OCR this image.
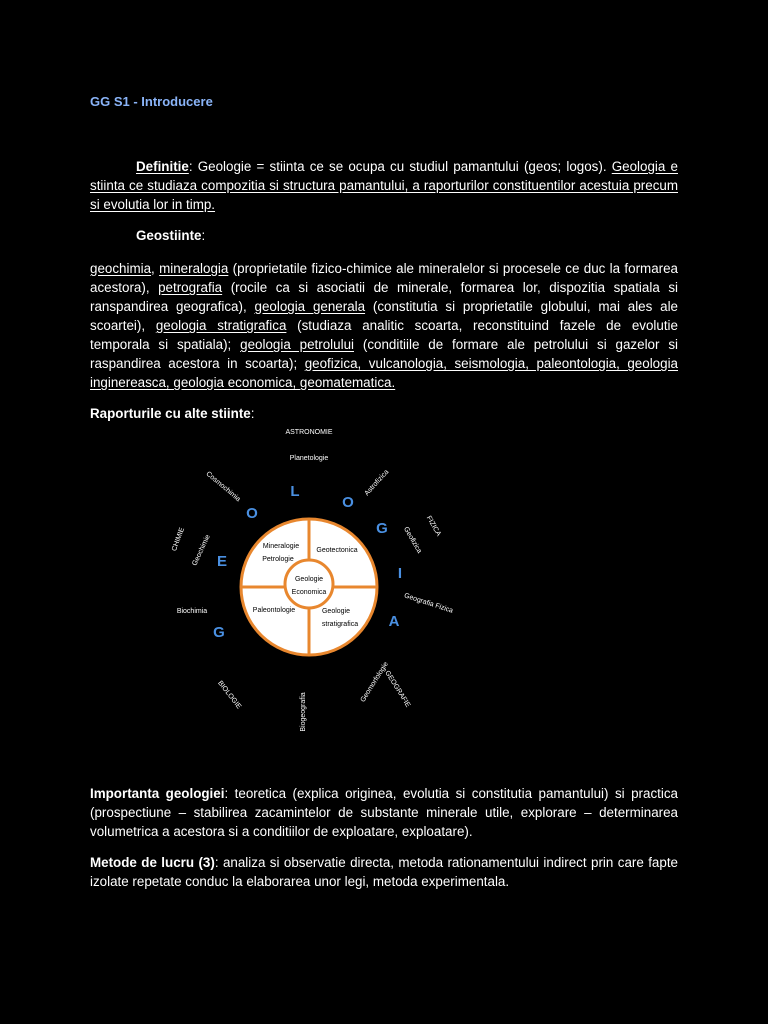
GG S1 - Introducere

Definitie: Geologie = stiinta ce se ocupa cu studiul pamantului (geos; logos). Geologia e stiinta ce studiaza compozitia si structura pamantului, a raporturilor constituentilor acestuia precum si evolutia lor in timp.

Geostiinte:

geochimia, mineralogia (proprietatile fizico-chimice ale mineralelor si procesele ce duc la formarea acestora), petrografia (rocile ca si asociatii de minerale, formarea lor, dispozitia spatiala si ranspandirea geografica), geologia generala (constitutia si proprietatile globului, mai ales ale scoartei), geologia stratigrafica (studiaza analitic scoarta, reconstituind fazele de evolutie temporala si spatiala); geologia petrolului (conditiile de formare ale petrolului si gazelor si raspandirea acestora in scoarta); geofizica, vulcanologia, seismologia, paleontologia, geologia inginereasca, geologia economica, geomatematica.

Raporturile cu alte stiinte:

ASTRONOMIE
Planetologie
Cosmochimia	Astrofizica
CHIMIE Geochimie
FIZICA
Geofizica
Biochimia	Geografia Fizica
BIOLOGIE	Biogeografia
GEOGRAFIE
Geomorfologie
G
E
O
L
O
G
I
A
Mineralogie
Petrologie
Geotectonica
Paleontologie	Geologie
stratigrafica
Geologie
Economica

Importanta geologiei: teoretica (explica originea, evolutia si constitutia pamantului) si practica (prospectiune – stabilirea zacamintelor de substante minerale utile, explorare – determinarea volumetrica a acestora si a conditiilor de exploatare, exploatare).

Metode de lucru (3): analiza si observatie directa, metoda rationamentului indirect prin care fapte izolate repetate conduc la elaborarea unor legi, metoda experimentala.
